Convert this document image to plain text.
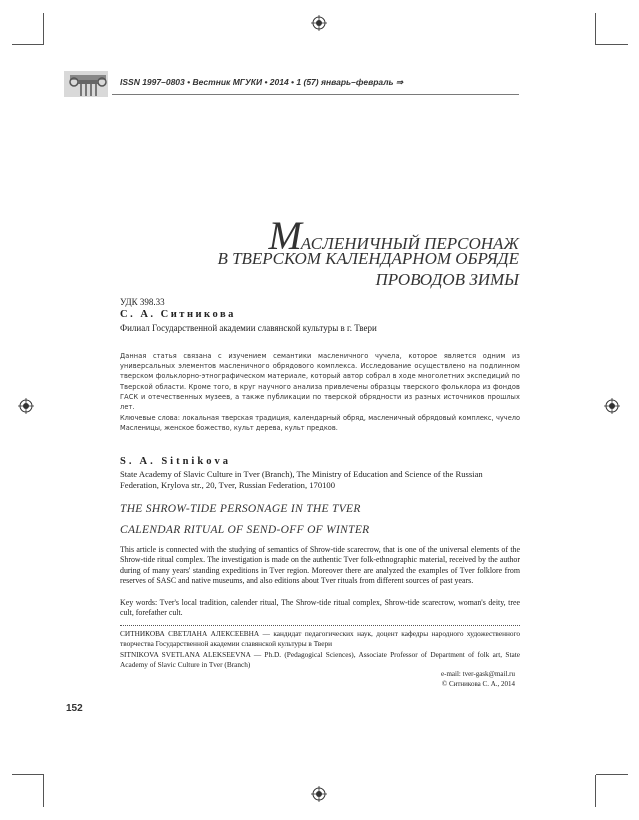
ISSN 1997–0803 • Вестник МГУКИ • 2014 • 1 (57) январь–февраль ⇒
МАСЛЕНИЧНЫЙ ПЕРСОНАЖ
В ТВЕРСКОМ КАЛЕНДАРНОМ ОБРЯДЕ
ПРОВОДОВ ЗИМЫ
УДК 398.33
С. А. Ситникова
Филиал Государственной академии славянской культуры в г. Твери
Данная статья связана с изучением семантики масленичного чучела, которое является одним из универсальных элементов масленичного обрядового комплекса. Исследование осуществлено на подлинном тверском фольклорно-этнографическом материале, который автор собрал в ходе многолетних экспедиций по Тверской области. Кроме того, в круг научного анализа привлечены образцы тверского фольклора из фондов ГАСК и отечественных музеев, а также публикации по тверской обрядности из разных источников прошлых лет.
Ключевые слова: локальная тверская традиция, календарный обряд, масленичный обрядовый комплекс, чучело Масленицы, женское божество, культ дерева, культ предков.
S. A. Sitnikova
State Academy of Slavic Culture in Tver (Branch), The Ministry of Education and Science of the Russian Federation, Krylova str., 20, Tver, Russian Federation, 170100
THE SHROW-TIDE PERSONAGE IN THE TVER
CALENDAR RITUAL OF SEND-OFF OF WINTER
This article is connected with the studying of semantics of Shrow-tide scarecrow, that is one of the universal elements of the Shrow-tide ritual complex. The investigation is made on the authentic Tver folk-ethnographic material, received by the author during of many years' standing expeditions in Tver region. Moreover there are analyzed the examples of Tver folklore from reserves of SASC and native museums, and also editions about Tver rituals from different sources of past years.
Key words: Tver's local tradition, calender ritual, The Shrow-tide ritual complex, Shrow-tide scarecrow, woman's deity, tree cult, forefather cult.
СИТНИКОВА СВЕТЛАНА АЛЕКСЕЕВНА — кандидат педагогических наук, доцент кафедры народного художественного творчества Государственной академии славянской культуры в Твери
SITNIKOVA SVETLANA ALEKSEEVNA — Ph.D. (Pedagogical Sciences), Associate Professor of Department of folk art, State Academy of Slavic Culture in Tver (Branch)
e-mail: tver-gask@mail.ru
© Ситникова С. А., 2014
152
